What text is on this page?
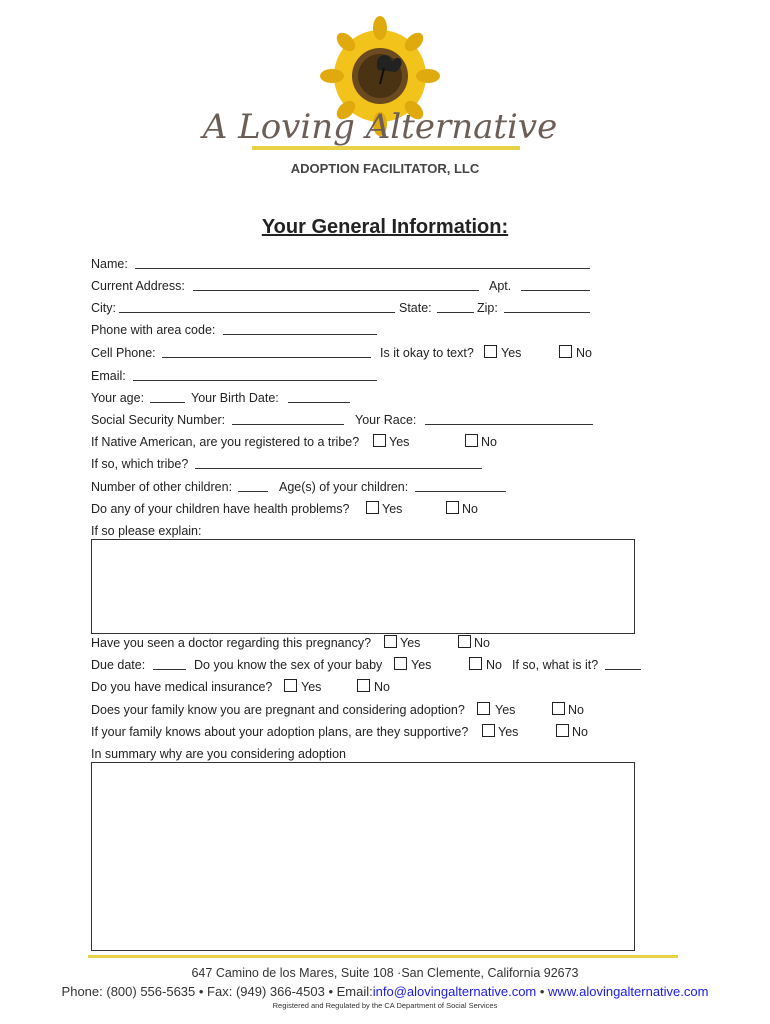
A Loving Alternative
ADOPTION FACILITATOR, LLC
Your General Information:
Name:
Current Address:	Apt.
City:	State:	Zip:
Phone with area code:
Cell Phone:	Is it okay to text? Yes	No
Email:
Your age:	Your Birth Date:
Social Security Number:	Your Race:
If Native American, are you registered to a tribe? Yes	No
If so, which tribe?
Number of other children:	Age(s) of your children:
Do any of your children have health problems?	Yes	No
If so please explain:
Have you seen a doctor regarding this pregnancy? Yes	No
Due date:	Do you know the sex of your baby Yes	No If so, what is it?
Do you have medical insurance? Yes	No
Does your family know you are pregnant and considering adoption? Yes	No
If your family knows about your adoption plans, are they supportive? Yes	No
In summary why are you considering adoption
647 Camino de los Mares, Suite 108 ·San Clemente, California 92673
Phone: (800) 556-5635 • Fax: (949) 366-4503 • Email:info@alovingalternative.com • www.alovingalternative.com
Registered and Regulated by the CA Department of Social Services
